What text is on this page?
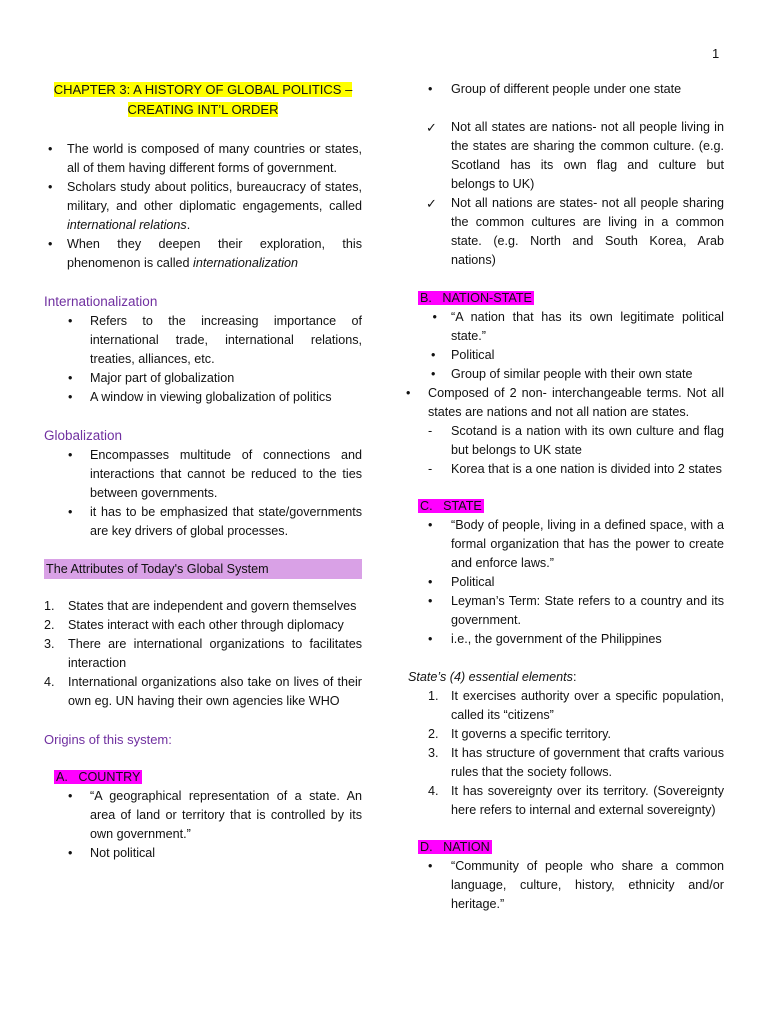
1
CHAPTER 3: A HISTORY OF GLOBAL POLITICS –
CREATING INT’L ORDER
• The world is composed of many countries or states, all of them having different forms of government.
• Scholars study about politics, bureaucracy of states, military, and other diplomatic engagements, called international relations.
• When they deepen their exploration, this phenomenon is called internationalization
Internationalization
• Refers to the increasing importance of international trade, international relations, treaties, alliances, etc.
• Major part of globalization
• A window in viewing globalization of politics
Globalization
• Encompasses multitude of connections and interactions that cannot be reduced to the ties between governments.
• it has to be emphasized that state/governments are key drivers of global processes.
The Attributes of Today's Global System
1. States that are independent and govern themselves
2. States interact with each other through diplomacy
3. There are international organizations to facilitates interaction
4. International organizations also take on lives of their own eg. UN having their own agencies like WHO
Origins of this system:
A. COUNTRY
• “A geographical representation of a state. An area of land or territory that is controlled by its own government.”
• Not political
• Group of different people under one state
✓ Not all states are nations- not all people living in the states are sharing the common culture. (e.g. Scotland has its own flag and culture but belongs to UK)
✓ Not all nations are states- not all people sharing the common cultures are living in a common state. (e.g. North and South Korea, Arab nations)
B. NATION-STATE
• “A nation that has its own legitimate political state.”
• Political
• Group of similar people with their own state
• Composed of 2 non- interchangeable terms. Not all states are nations and not all nation are states.
- Scotand is a nation with its own culture and flag but belongs to UK state
- Korea that is a one nation is divided into 2 states
C. STATE
• “Body of people, living in a defined space, with a formal organization that has the power to create and enforce laws.”
• Political
• Leyman’s Term: State refers to a country and its government.
• i.e., the government of the Philippines
State’s (4) essential elements:
1. It exercises authority over a specific population, called its “citizens”
2. It governs a specific territory.
3. It has structure of government that crafts various rules that the society follows.
4. It has sovereignty over its territory. (Sovereignty here refers to internal and external sovereignty)
D. NATION
• “Community of people who share a common language, culture, history, ethnicity and/or heritage.”
